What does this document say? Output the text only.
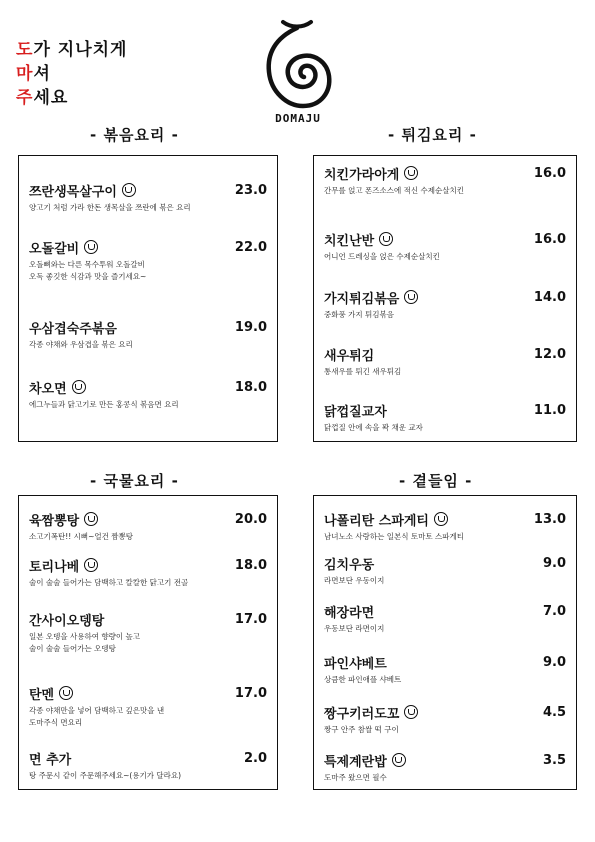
도가 지나치게
마셔
주세요
DOMAJU
- 볶음요리 -	- 튀김요리 -
- 국물요리 -	- 곁들임 -
쯔란생목살구이	23.0
양고기 처럼 가라 한돈 생목살을 쯔란에 볶은 요리
오돌갈비	22.0
오돌뼈와는 다른 목수투워 오돌갈비
오독 좋깃한 식감과 맛을 즐기세요~
우삼겹숙주볶음	19.0
각종 야채와 우삼겹을 볶은 요리
차오면	18.0
에그누들과 닭고기로 만든 홍콩식 볶음면 요리
치킨가라아게	16.0
간무를 얹고 폰즈소스에 적신 수제순살치킨
치킨난반	16.0
어니언 드레싱을 얹은 수제순살치킨
가지튀김볶음	14.0
중화풍 가지 튀김볶음
새우튀김	12.0
통새우를 튀긴 새우튀김
닭껍질교자	11.0
닭껍질 안에 속을 꽉 채운 교자
육짬뽕탕	20.0
소고기폭탄!! 시뻐~얼건 짬뽕탕
토리나베	18.0
술이 술술 들어가는 담백하고 칼칼한 닭고기 전골
간사이오뎅탕	17.0
일본 오뎅을 사용하여 향량이 높고
술이 술술 들어가는 오뎅탕
탄멘	17.0
각종 야채만을 넣어 담백하고 깊은맛을 낸
도마주식 면요리
면 추가	2.0
탕 주문시 같이 주문해주세요~(용기가 달라요)
나폴리탄 스파게티	13.0
남녀노소 사랑하는 일본식 토마토 스파게티
김치우동	9.0
라면보단 우동이지
해장라면	7.0
우동보단 라면이지
파인샤베트	9.0
상큼한 파인애플 샤베트
짱구키러도꼬	4.5
짱구 안주 참쌀 떡 구이
특제계란밥	3.5
도마주 왔으면 필수
